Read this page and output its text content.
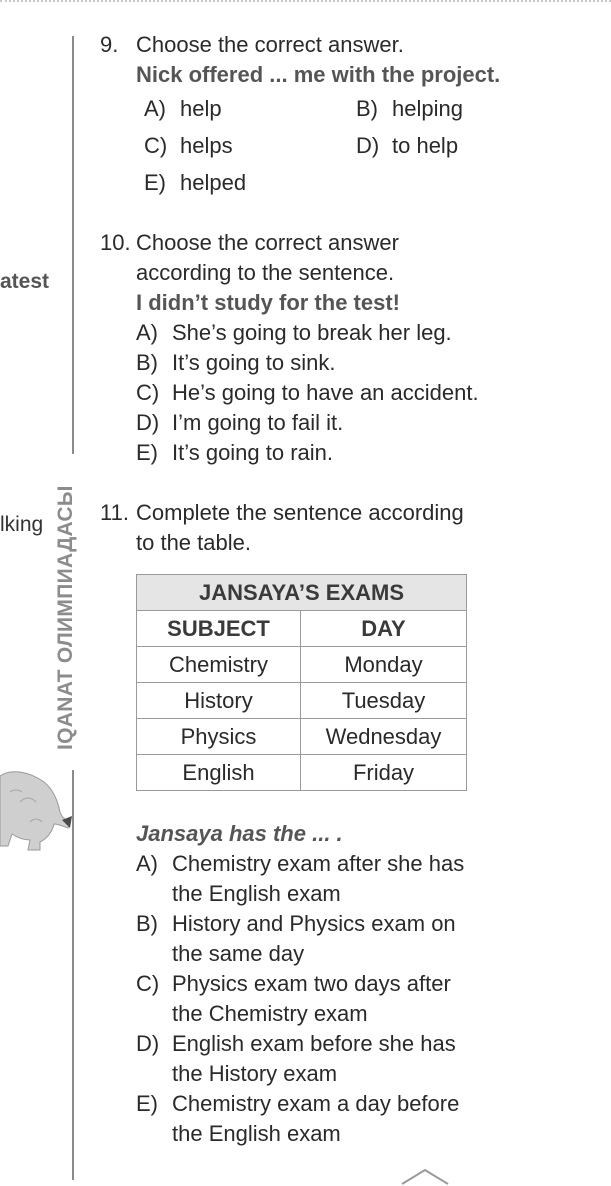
IQANAT ОЛИМПИАДАСЫ
atest
lking
9. Choose the correct answer.
Nick offered ... me with the project.
A) help	B) helping
C) helps	D) to help
E) helped
10. Choose the correct answer
according to the sentence.
I didn’t study for the test!
A) She’s going to break her leg.
B) It’s going to sink.
C) He’s going to have an accident.
D) I’m going to fail it.
E) It’s going to rain.
11. Complete the sentence according
to the table.
JANSAYA’S EXAMS	
SUBJECT	DAY
Chemistry	Monday
History	Tuesday
Physics	Wednesday
English	Friday
Jansaya has the ... .
A) Chemistry exam after she has
the English exam
B) History and Physics exam on
the same day
C) Physics exam two days after
the Chemistry exam
D) English exam before she has
the History exam
E) Chemistry exam a day before
the English exam
